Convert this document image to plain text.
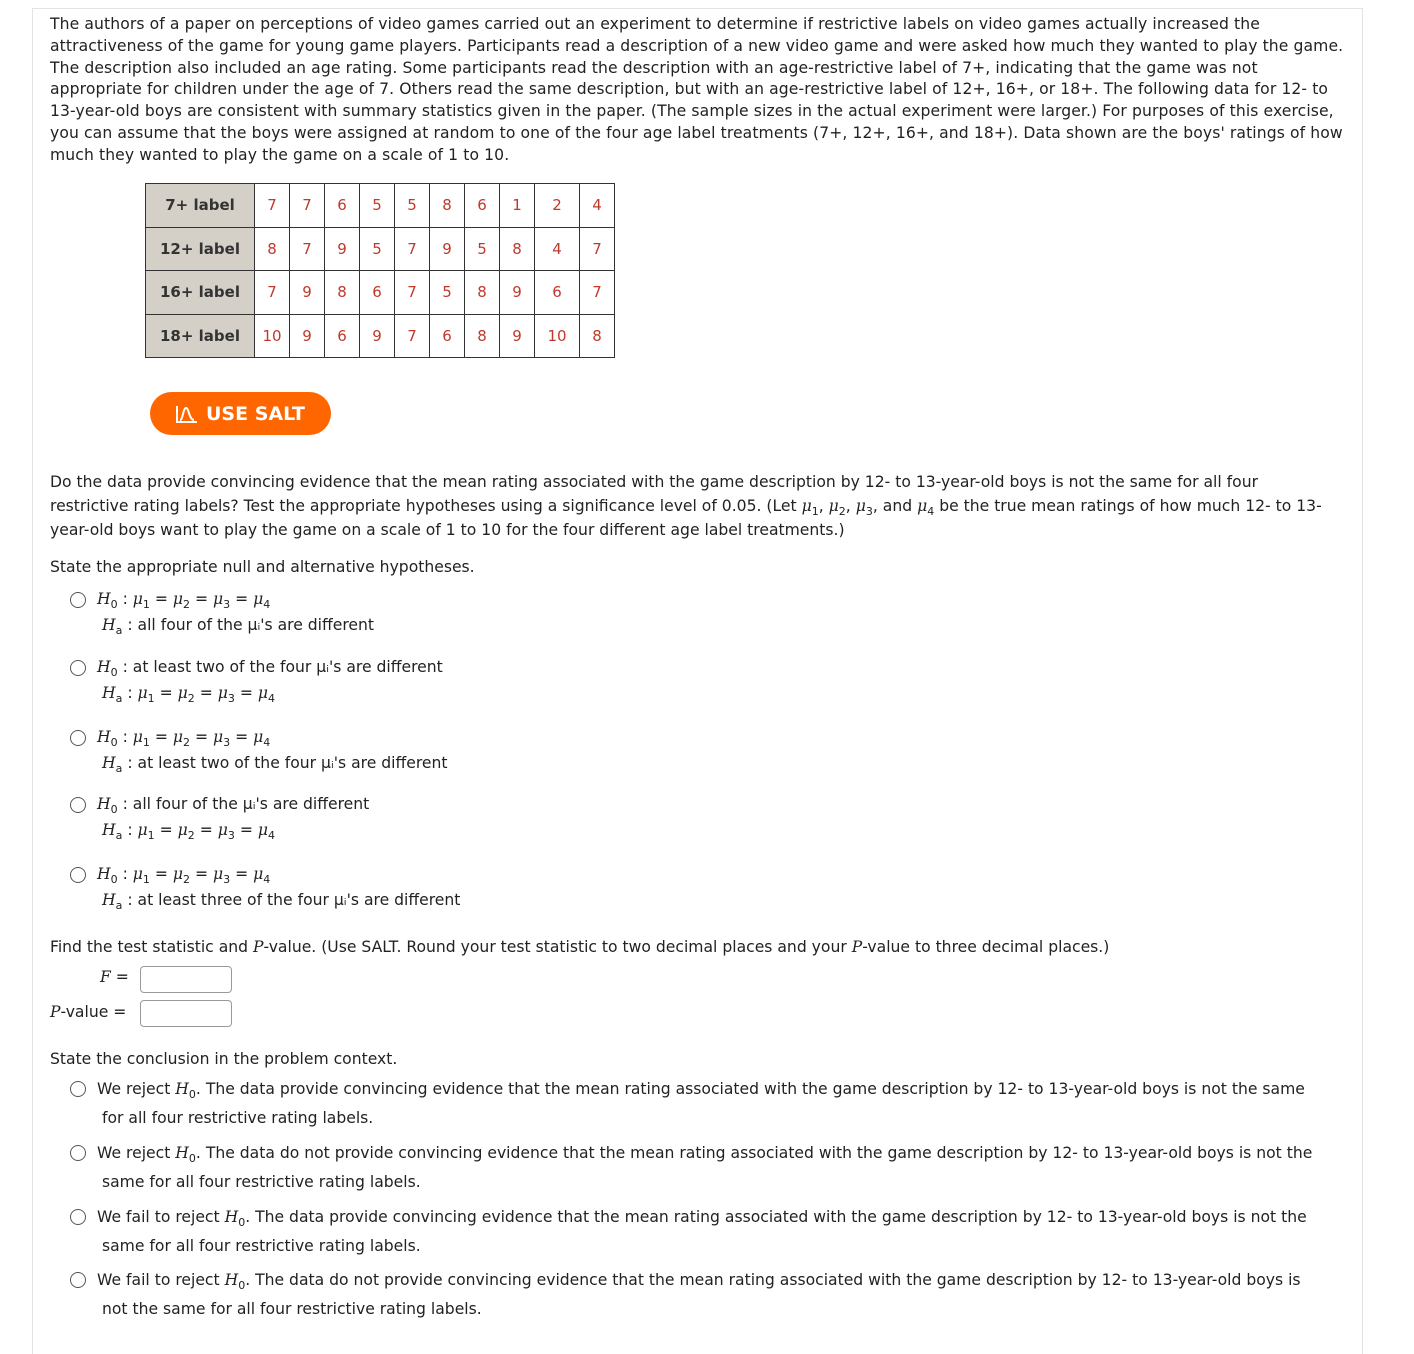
The authors of a paper on perceptions of video games carried out an experiment to determine if restrictive labels on video games actually increased the attractiveness of the game for young game players. Participants read a description of a new video game and were asked how much they wanted to play the game. The description also included an age rating. Some participants read the description with an age-restrictive label of 7+, indicating that the game was not appropriate for children under the age of 7. Others read the same description, but with an age-restrictive label of 12+, 16+, or 18+. The following data for 12- to 13-year-old boys are consistent with summary statistics given in the paper. (The sample sizes in the actual experiment were larger.) For purposes of this exercise, you can assume that the boys were assigned at random to one of the four age label treatments (7+, 12+, 16+, and 18+). Data shown are the boys' ratings of how much they wanted to play the game on a scale of 1 to 10.

7+ label	7	7	6	5	5	8	6	1	2	4
12+ label	8	7	9	5	7	9	5	8	4	7
16+ label	7	9	8	6	7	5	8	9	6	7
18+ label	10	9	6	9	7	6	8	9	10	8
USE SALT

Do the data provide convincing evidence that the mean rating associated with the game description by 12- to 13-year-old boys is not the same for all four restrictive rating labels? Test the appropriate hypotheses using a significance level of 0.05. (Let $\mu_1$, $\mu_2$, $\mu_3$, and $\mu_4$ be the true mean ratings of how much 12- to 13-year-old boys want to play the game on a scale of 1 to 10 for the four different age label treatments.)

State the appropriate null and alternative hypotheses.

$H_0$ : $\mu_1 = \mu_2 = \mu_3 = \mu_4$
$H_a$ : all four of the μᵢ's are different
$H_0$ : at least two of the four μᵢ's are different
$H_a$ : $\mu_1 = \mu_2 = \mu_3 = \mu_4$
$H_0$ : $\mu_1 = \mu_2 = \mu_3 = \mu_4$
$H_a$ : at least two of the four μᵢ's are different
$H_0$ : all four of the μᵢ's are different
$H_a$ : $\mu_1 = \mu_2 = \mu_3 = \mu_4$
$H_0$ : $\mu_1 = \mu_2 = \mu_3 = \mu_4$
$H_a$ : at least three of the four μᵢ's are different

Find the test statistic and P-value. (Use SALT. Round your test statistic to two decimal places and your P-value to three decimal places.)

F =
P-value =

State the conclusion in the problem context.

We reject $H_0$. The data provide convincing evidence that the mean rating associated with the game description by 12- to 13-year-old boys is not the same
for all four restrictive rating labels.
We reject $H_0$. The data do not provide convincing evidence that the mean rating associated with the game description by 12- to 13-year-old boys is not the
same for all four restrictive rating labels.
We fail to reject $H_0$. The data provide convincing evidence that the mean rating associated with the game description by 12- to 13-year-old boys is not the
same for all four restrictive rating labels.
We fail to reject $H_0$. The data do not provide convincing evidence that the mean rating associated with the game description by 12- to 13-year-old boys is
not the same for all four restrictive rating labels.
